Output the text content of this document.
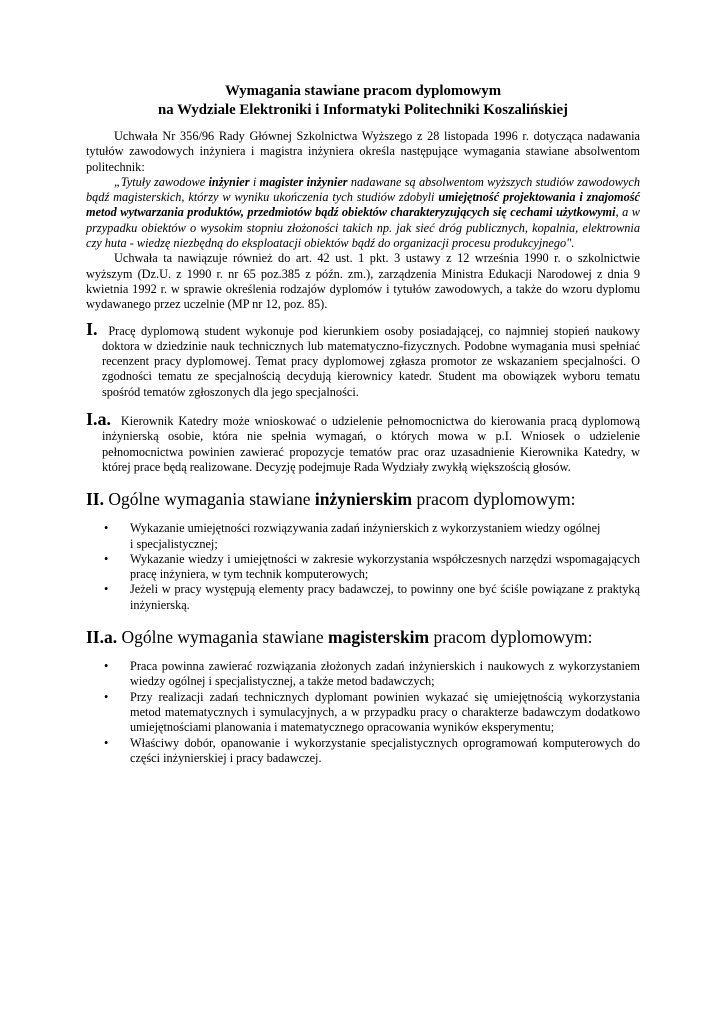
Wymagania stawiane pracom dyplomowym
na Wydziale Elektroniki i Informatyki Politechniki Koszalińskiej

Uchwała Nr 356/96 Rady Głównej Szkolnictwa Wyższego z 28 listopada 1996 r. dotycząca nadawania tytułów zawodowych inżyniera i magistra inżyniera określa następujące wymagania stawiane absolwentom politechnik:

„Tytuły zawodowe inżynier i magister inżynier nadawane są absolwentom wyższych studiów zawodowych bądź magisterskich, którzy w wyniku ukończenia tych studiów zdobyli umiejętność projektowania i znajomość metod wytwarzania produktów, przedmiotów bądź obiektów charakteryzujących się cechami użytkowymi, a w przypadku obiektów o wysokim stopniu złożoności takich np. jak sieć dróg publicznych, kopalnia, elektrownia czy huta - wiedzę niezbędną do eksploatacji obiektów bądź do organizacji procesu produkcyjnego".

Uchwała ta nawiązuje również do art. 42 ust. 1 pkt. 3 ustawy z 12 września 1990 r. o szkolnictwie wyższym (Dz.U. z 1990 r. nr 65 poz.385 z późn. zm.), zarządzenia Ministra Edukacji Narodowej z dnia 9 kwietnia 1992 r. w sprawie określenia rodzajów dyplomów i tytułów zawodowych, a także do wzoru dyplomu wydawanego przez uczelnie (MP nr 12, poz. 85).

I. Pracę dyplomową student wykonuje pod kierunkiem osoby posiadającej, co najmniej stopień naukowy doktora w dziedzinie nauk technicznych lub matematyczno-fizycznych. Podobne wymagania musi spełniać recenzent pracy dyplomowej. Temat pracy dyplomowej zgłasza promotor ze wskazaniem specjalności. O zgodności tematu ze specjalnością decydują kierownicy katedr. Student ma obowiązek wyboru tematu spośród tematów zgłoszonych dla jego specjalności.

I.a. Kierownik Katedry może wnioskować o udzielenie pełnomocnictwa do kierowania pracą dyplomową inżynierską osobie, która nie spełnia wymagań, o których mowa w p.I. Wniosek o udzielenie pełnomocnictwa powinien zawierać propozycje tematów prac oraz uzasadnienie Kierownika Katedry, w której prace będą realizowane. Decyzję podejmuje Rada Wydziały zwykłą większością głosów.

II. Ogólne wymagania stawiane inżynierskim pracom dyplomowym:
• Wykazanie umiejętności rozwiązywania zadań inżynierskich z wykorzystaniem wiedzy ogólnej
i specjalistycznej;
• Wykazanie wiedzy i umiejętności w zakresie wykorzystania współczesnych narzędzi wspomagających pracę inżyniera, w tym technik komputerowych;
• Jeżeli w pracy występują elementy pracy badawczej, to powinny one być ściśle powiązane z praktyką inżynierską.
II.a. Ogólne wymagania stawiane magisterskim pracom dyplomowym:
• Praca powinna zawierać rozwiązania złożonych zadań inżynierskich i naukowych z wykorzystaniem wiedzy ogólnej i specjalistycznej, a także metod badawczych;
• Przy realizacji zadań technicznych dyplomant powinien wykazać się umiejętnością wykorzystania metod matematycznych i symulacyjnych, a w przypadku pracy o charakterze badawczym dodatkowo umiejętnościami planowania i matematycznego opracowania wyników eksperymentu;
• Właściwy dobór, opanowanie i wykorzystanie specjalistycznych oprogramowań komputerowych do części inżynierskiej i pracy badawczej.
